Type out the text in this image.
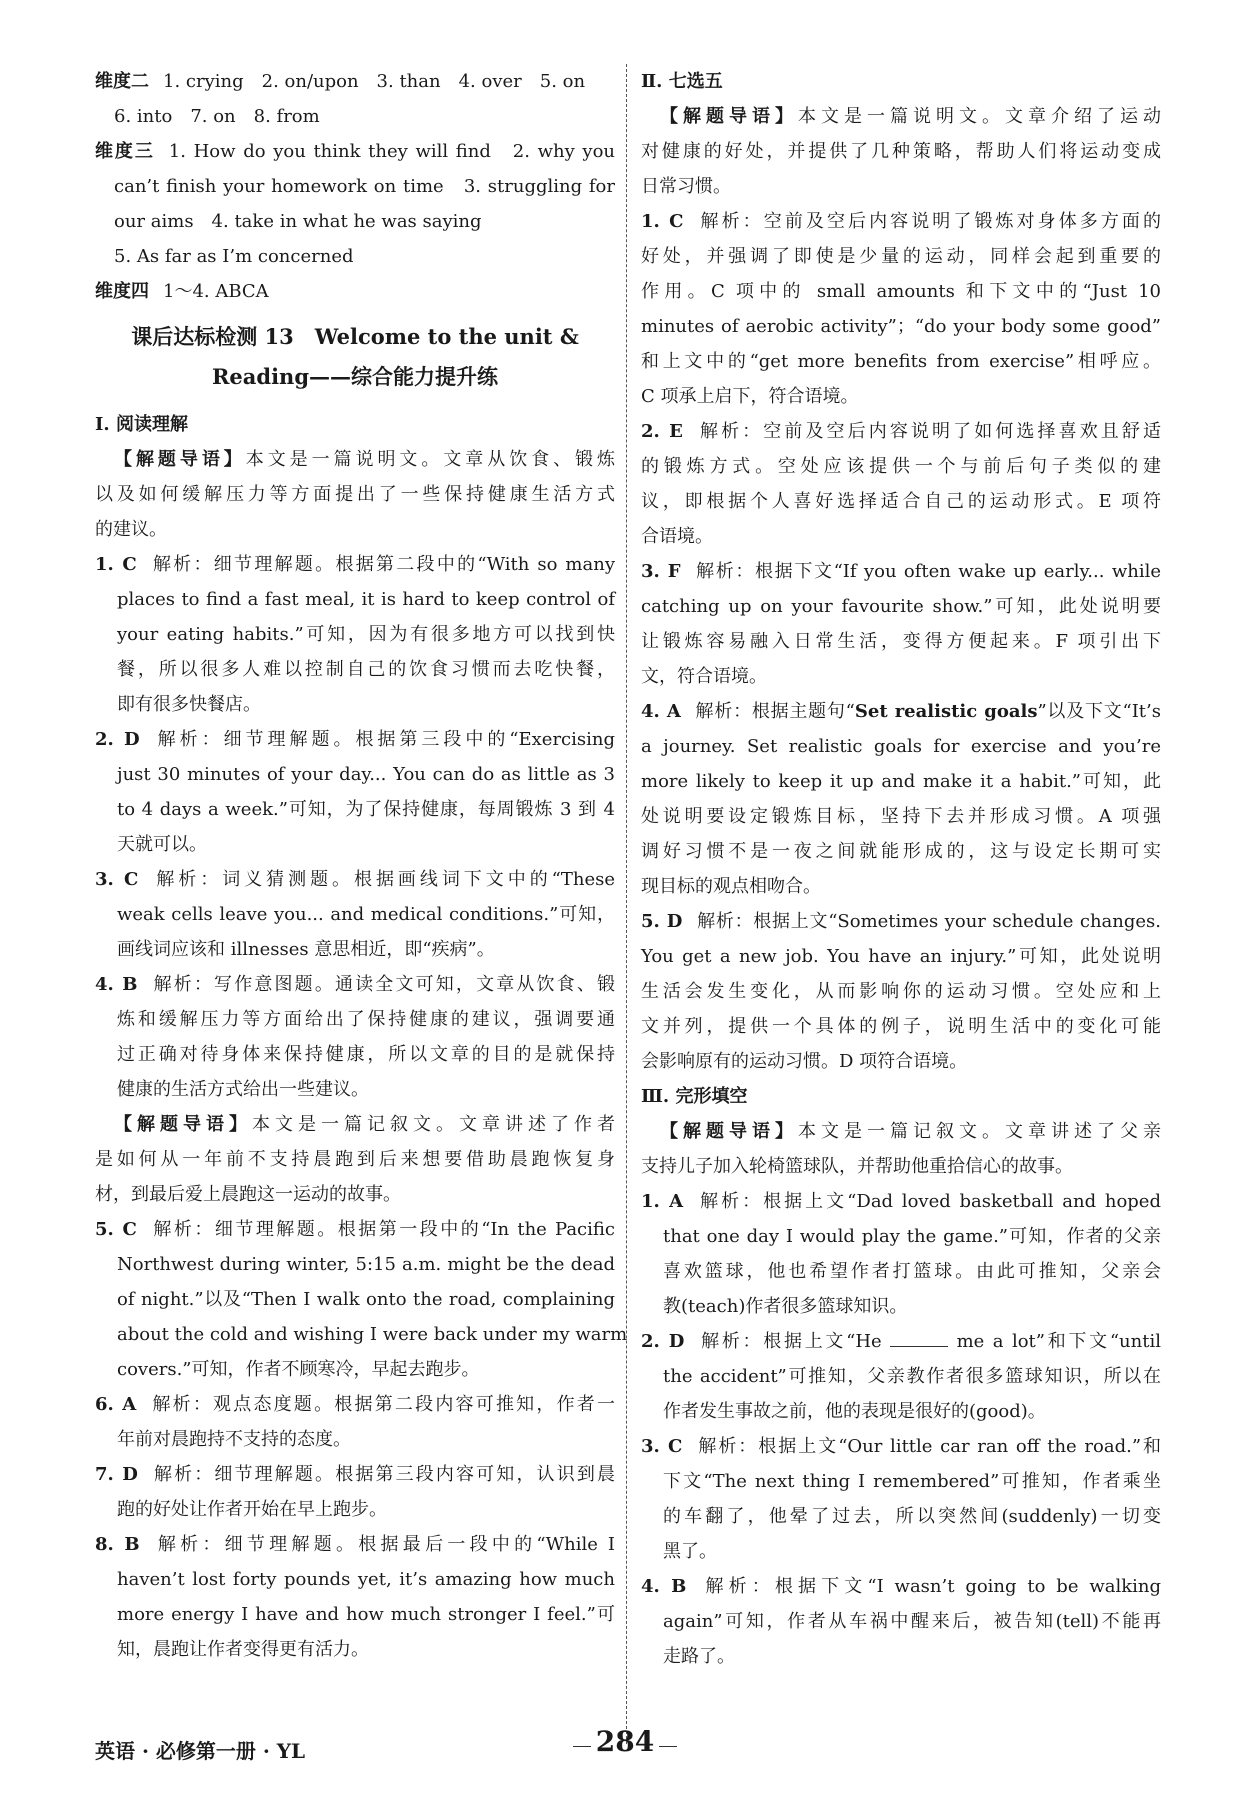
维度二 1. crying　2. on/upon　3. than　4. over　5. on
6. into　7. on　8. from
维度三 1. How do you think they will find　2. why you
can’t finish your homework on time　3. struggling for
our aims　4. take in what he was saying
5. As far as I’m concerned
维度四 1～4. ABCA
课后达标检测 13　Welcome to the unit &
Reading——综合能力提升练
Ⅰ. 阅读理解
【解题导语】本文是一篇说明文。文章从饮食、锻炼
以及如何缓解压力等方面提出了一些保持健康生活方式
的建议。
1. C 解析：细节理解题。根据第二段中的“With so many
places to find a fast meal, it is hard to keep control of
your eating habits.”可知，因为有很多地方可以找到快
餐，所以很多人难以控制自己的饮食习惯而去吃快餐，
即有很多快餐店。
2. D 解析：细节理解题。根据第三段中的“Exercising
just 30 minutes of your day... You can do as little as 3
to 4 days a week.”可知，为了保持健康，每周锻炼 3 到 4
天就可以。
3. C 解析：词义猜测题。根据画线词下文中的“These
weak cells leave you... and medical conditions.”可知，
画线词应该和 illnesses 意思相近，即“疾病”。
4. B 解析：写作意图题。通读全文可知，文章从饮食、锻
炼和缓解压力等方面给出了保持健康的建议，强调要通
过正确对待身体来保持健康，所以文章的目的是就保持
健康的生活方式给出一些建议。
【解题导语】本文是一篇记叙文。文章讲述了作者
是如何从一年前不支持晨跑到后来想要借助晨跑恢复身
材，到最后爱上晨跑这一运动的故事。
5. C 解析：细节理解题。根据第一段中的“In the Pacific
Northwest during winter, 5:15 a.m. might be the dead
of night.”以及“Then I walk onto the road, complaining
about the cold and wishing I were back under my warm
covers.”可知，作者不顾寒冷，早起去跑步。
6. A 解析：观点态度题。根据第二段内容可推知，作者一
年前对晨跑持不支持的态度。
7. D 解析：细节理解题。根据第三段内容可知，认识到晨
跑的好处让作者开始在早上跑步。
8. B 解析：细节理解题。根据最后一段中的“While I
haven’t lost forty pounds yet, it’s amazing how much
more energy I have and how much stronger I feel.”可
知，晨跑让作者变得更有活力。
Ⅱ. 七选五
【解题导语】本文是一篇说明文。文章介绍了运动
对健康的好处，并提供了几种策略，帮助人们将运动变成
日常习惯。
1. C 解析：空前及空后内容说明了锻炼对身体多方面的
好处，并强调了即使是少量的运动，同样会起到重要的
作用。C 项中的 small amounts 和下文中的“Just 10
minutes of aerobic activity”；“do your body some good”
和上文中的“get more benefits from exercise”相呼应。
C 项承上启下，符合语境。
2. E 解析：空前及空后内容说明了如何选择喜欢且舒适
的锻炼方式。空处应该提供一个与前后句子类似的建
议，即根据个人喜好选择适合自己的运动形式。E 项符
合语境。
3. F 解析：根据下文“If you often wake up early... while
catching up on your favourite show.”可知，此处说明要
让锻炼容易融入日常生活，变得方便起来。F 项引出下
文，符合语境。
4. A 解析：根据主题句“Set realistic goals”以及下文“It’s
a journey. Set realistic goals for exercise and you’re
more likely to keep it up and make it a habit.”可知，此
处说明要设定锻炼目标，坚持下去并形成习惯。A 项强
调好习惯不是一夜之间就能形成的，这与设定长期可实
现目标的观点相吻合。
5. D 解析：根据上文“Sometimes your schedule changes.
You get a new job. You have an injury.”可知，此处说明
生活会发生变化，从而影响你的运动习惯。空处应和上
文并列，提供一个具体的例子，说明生活中的变化可能
会影响原有的运动习惯。D 项符合语境。
Ⅲ. 完形填空
【解题导语】本文是一篇记叙文。文章讲述了父亲
支持儿子加入轮椅篮球队，并帮助他重拾信心的故事。
1. A 解析：根据上文“Dad loved basketball and hoped
that one day I would play the game.”可知，作者的父亲
喜欢篮球，他也希望作者打篮球。由此可推知，父亲会
教(teach)作者很多篮球知识。
2. D 解析：根据上文“He	me a lot”和下文“until
the accident”可推知，父亲教作者很多篮球知识，所以在
作者发生事故之前，他的表现是很好的(good)。
3. C 解析：根据上文“Our little car ran off the road.”和
下文“The next thing I remembered”可推知，作者乘坐
的车翻了，他晕了过去，所以突然间(suddenly)一切变
黑了。
4. B 解析：根据下文“I wasn’t going to be walking
again”可知，作者从车祸中醒来后，被告知(tell)不能再
走路了。
英语 · 必修第一册 · YL	284
